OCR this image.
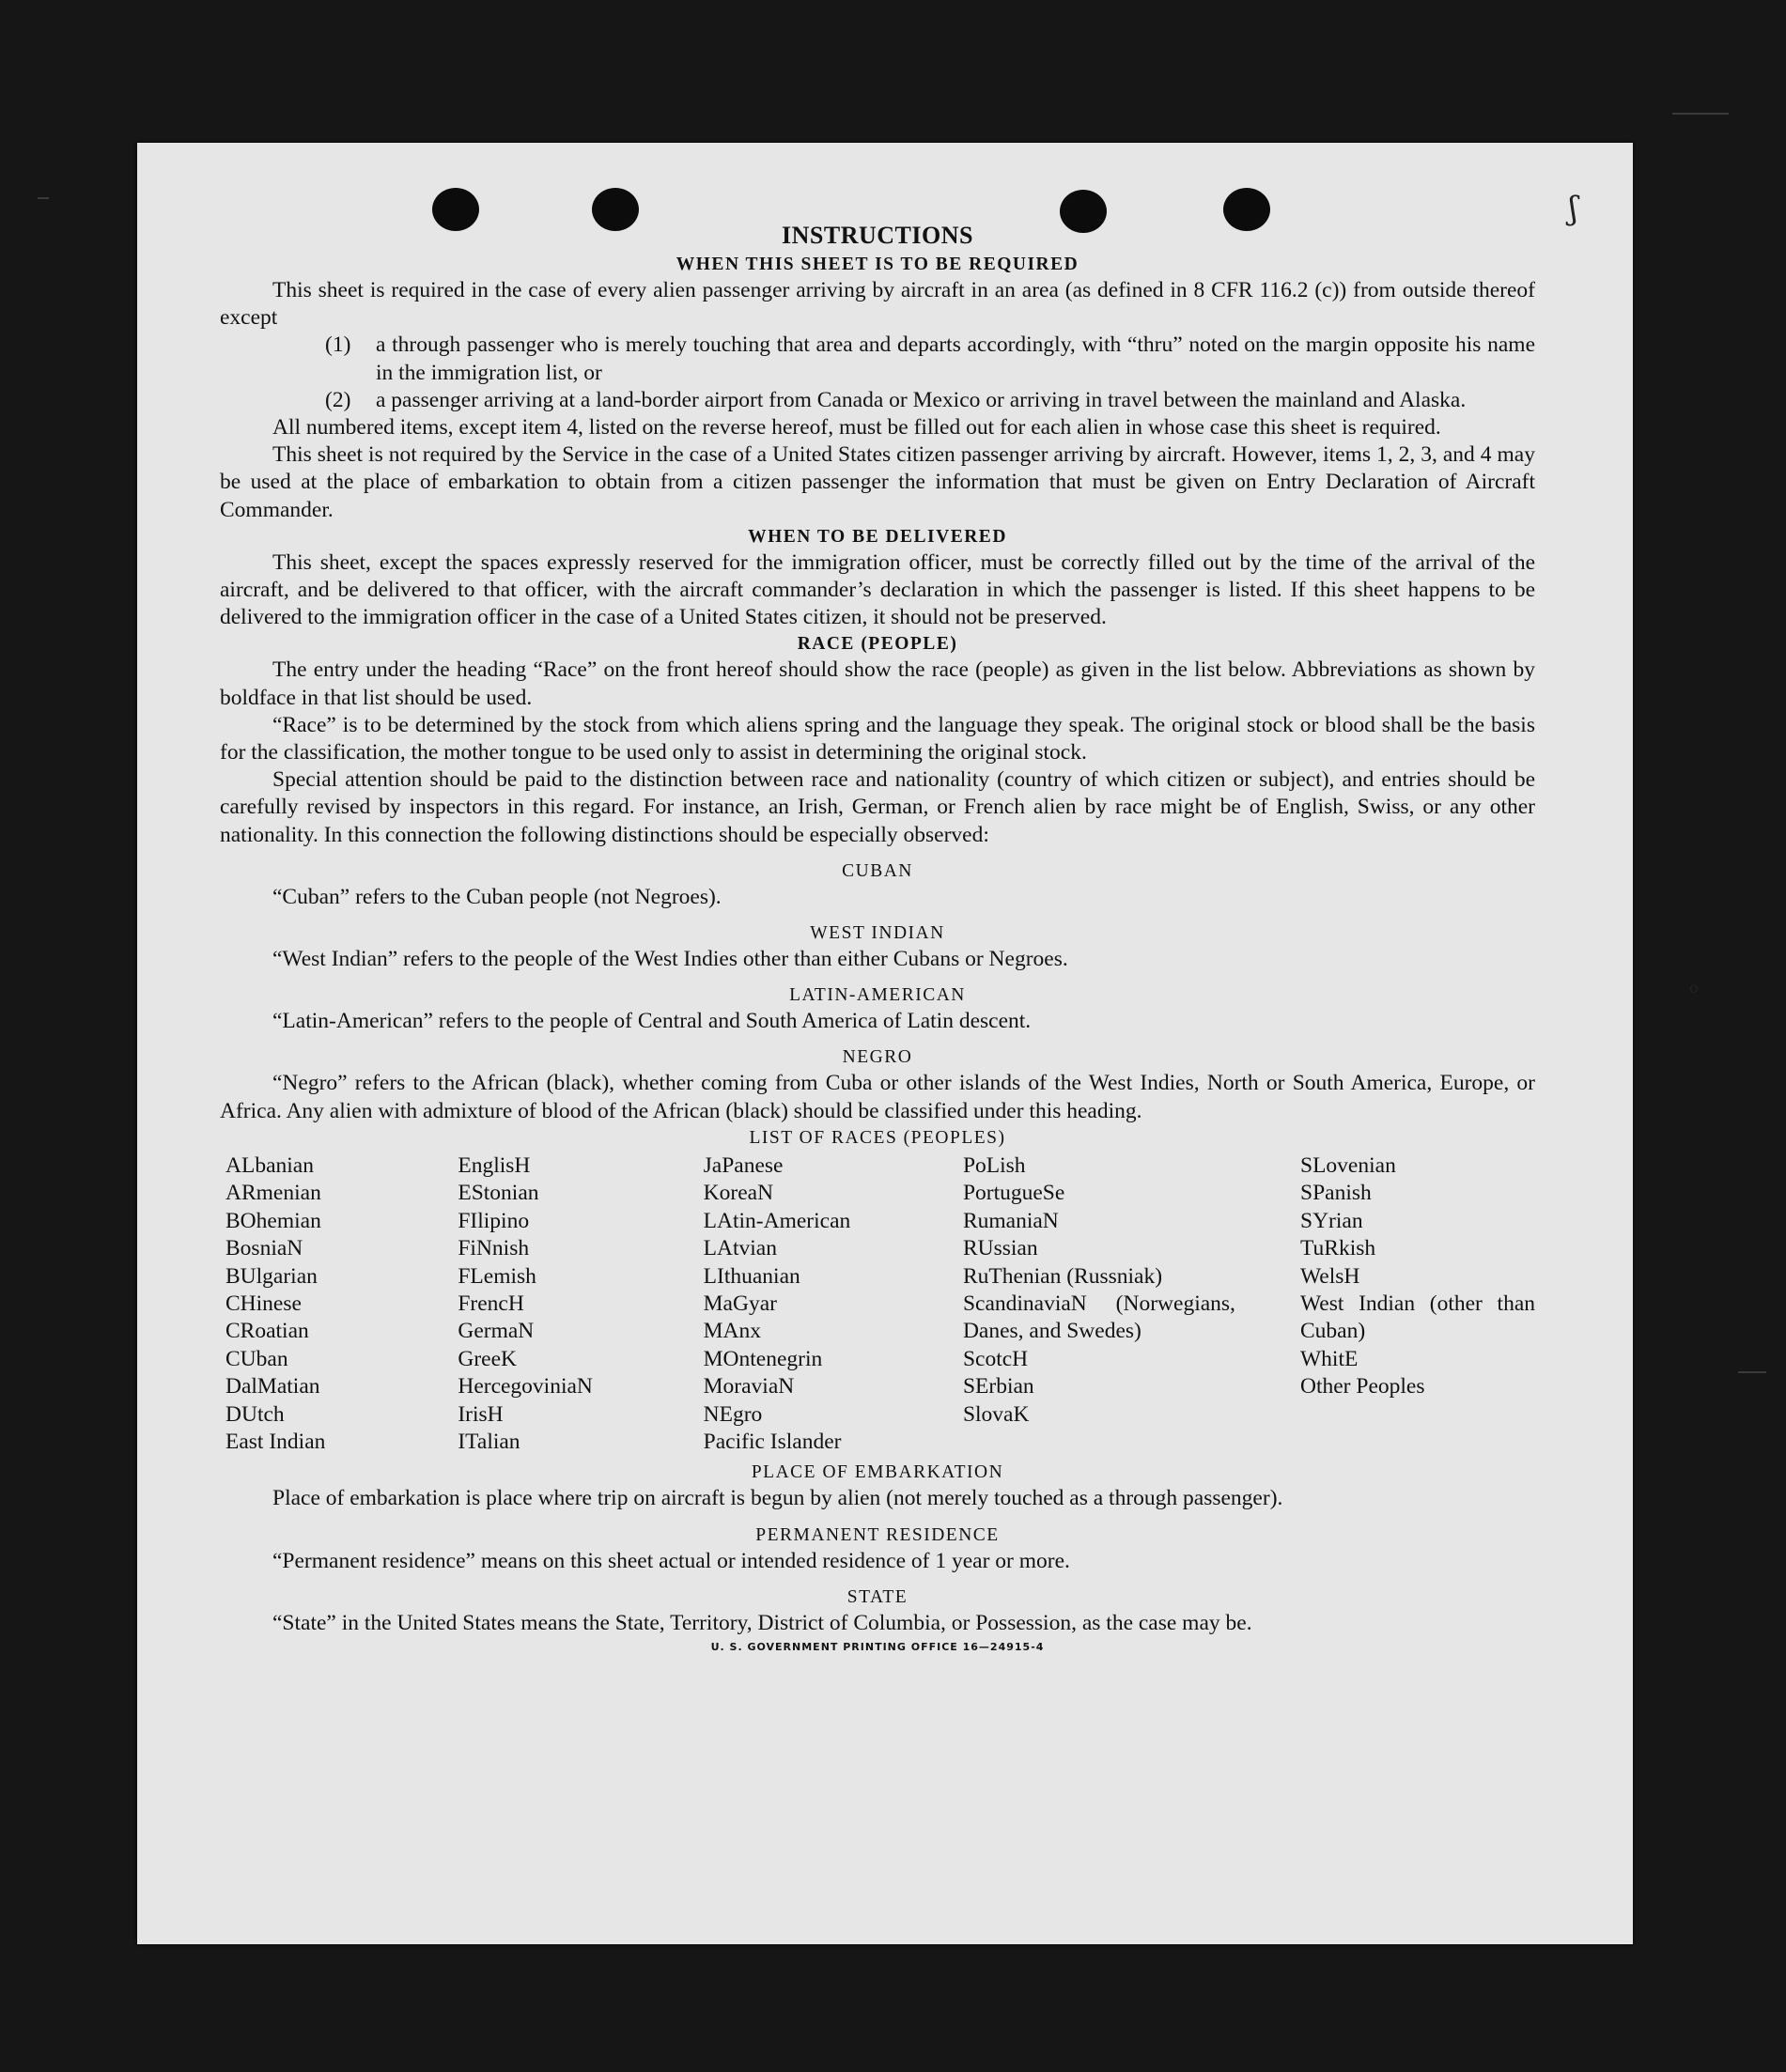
ʃ
o
INSTRUCTIONS
WHEN THIS SHEET IS TO BE REQUIRED

This sheet is required in the case of every alien passenger arriving by aircraft in an area (as defined in 8 CFR 116.2 (c)) from outside thereof except

(1)	a through passenger who is merely touching that area and departs accordingly, with “thru” noted on the margin opposite his name in the immigration list, or
(2)	a passenger arriving at a land-border airport from Canada or Mexico or arriving in travel between the mainland and Alaska.

All numbered items, except item 4, listed on the reverse hereof, must be filled out for each alien in whose case this sheet is required.

This sheet is not required by the Service in the case of a United States citizen passenger arriving by aircraft. However, items 1, 2, 3, and 4 may be used at the place of embarkation to obtain from a citizen passenger the information that must be given on Entry Declaration of Aircraft Commander.

WHEN TO BE DELIVERED

This sheet, except the spaces expressly reserved for the immigration officer, must be correctly filled out by the time of the arrival of the aircraft, and be delivered to that officer, with the aircraft commander’s declaration in which the passenger is listed. If this sheet happens to be delivered to the immigration officer in the case of a United States citizen, it should not be preserved.

RACE (PEOPLE)

The entry under the heading “Race” on the front hereof should show the race (people) as given in the list below. Abbreviations as shown by boldface in that list should be used.

“Race” is to be determined by the stock from which aliens spring and the language they speak. The original stock or blood shall be the basis for the classification, the mother tongue to be used only to assist in determining the original stock.

Special attention should be paid to the distinction between race and nationality (country of which citizen or subject), and entries should be carefully revised by inspectors in this regard. For instance, an Irish, German, or French alien by race might be of English, Swiss, or any other nationality. In this connection the following distinctions should be especially observed:

CUBAN

“Cuban” refers to the Cuban people (not Negroes).

WEST INDIAN

“West Indian” refers to the people of the West Indies other than either Cubans or Negroes.

LATIN-AMERICAN

“Latin-American” refers to the people of Central and South America of Latin descent.

NEGRO

“Negro” refers to the African (black), whether coming from Cuba or other islands of the West Indies, North or South America, Europe, or Africa. Any alien with admixture of blood of the African (black) should be classified under this heading.

LIST OF RACES (PEOPLES)
ALbanian
ARmenian
BOhemian
BosniaN
BUlgarian
CHinese
CRoatian
CUban
DalMatian
DUtch
East Indian
EnglisH
EStonian
FIlipino
FiNnish
FLemish
FrencH
GermaN
GreeK
HercegoviniaN
IrisH
ITalian
JaPanese
KoreaN
LAtin-American
LAtvian
LIthuanian
MaGyar
MAnx
MOntenegrin
MoraviaN
NEgro
Pacific Islander
PoLish
PortugueSe
RumaniaN
RUssian
RuThenian (Russniak)
ScandinaviaN (Norwegians, Danes, and Swedes)
ScotcH
SErbian
SlovaK
SLovenian
SPanish
SYrian
TuRkish
WelsH
West Indian (other than Cuban)
WhitE
Other Peoples
PLACE OF EMBARKATION

Place of embarkation is place where trip on aircraft is begun by alien (not merely touched as a through passenger).

PERMANENT RESIDENCE

“Permanent residence” means on this sheet actual or intended residence of 1 year or more.

STATE

“State” in the United States means the State, Territory, District of Columbia, or Possession, as the case may be.

U. S. GOVERNMENT PRINTING OFFICE 16—24915-4
